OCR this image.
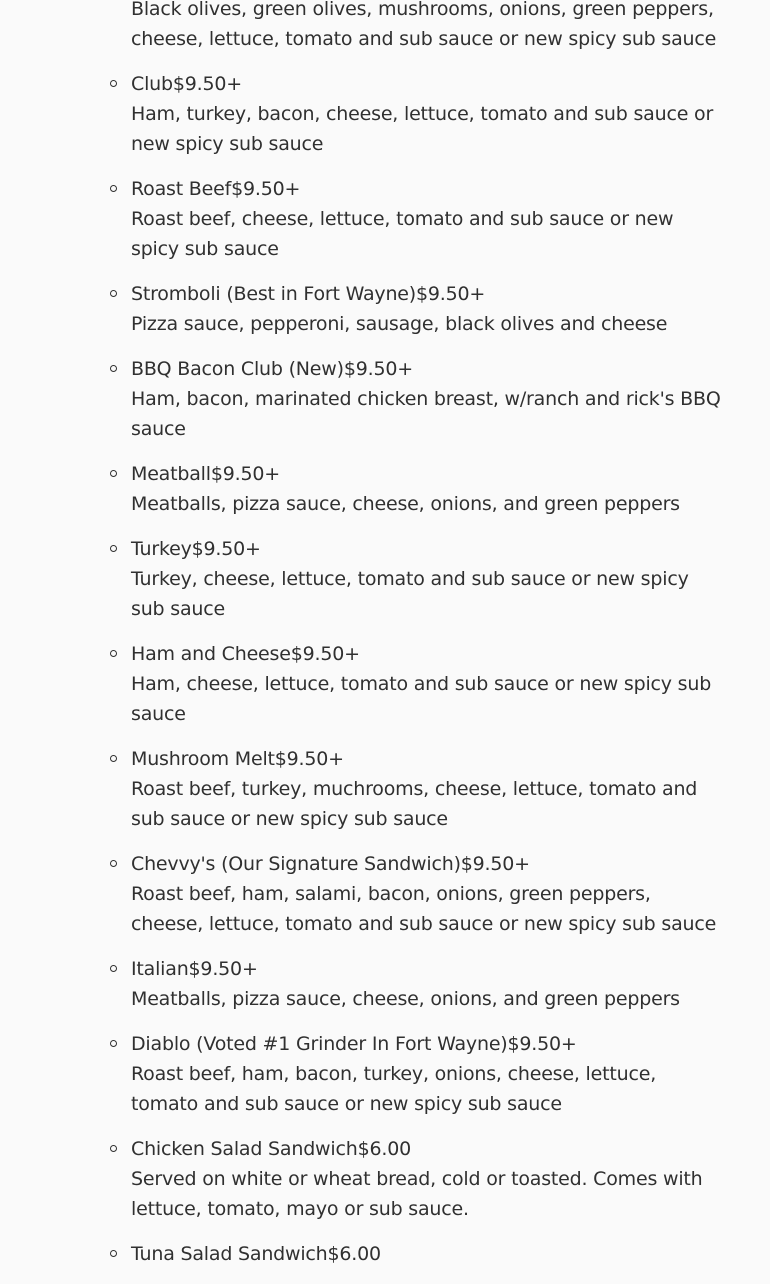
Black olives, green olives, mushrooms, onions, green peppers, cheese, lettuce, tomato and sub sauce or new spicy sub sauce
Club$9.50+
Ham, turkey, bacon, cheese, lettuce, tomato and sub sauce or new spicy sub sauce
Roast Beef$9.50+
Roast beef, cheese, lettuce, tomato and sub sauce or new spicy sub sauce
Stromboli (Best in Fort Wayne)$9.50+
Pizza sauce, pepperoni, sausage, black olives and cheese
BBQ Bacon Club (New)$9.50+
Ham, bacon, marinated chicken breast, w/ranch and rick's BBQ sauce
Meatball$9.50+
Meatballs, pizza sauce, cheese, onions, and green peppers
Turkey$9.50+
Turkey, cheese, lettuce, tomato and sub sauce or new spicy sub sauce
Ham and Cheese$9.50+
Ham, cheese, lettuce, tomato and sub sauce or new spicy sub sauce
Mushroom Melt$9.50+
Roast beef, turkey, muchrooms, cheese, lettuce, tomato and sub sauce or new spicy sub sauce
Chevvy's (Our Signature Sandwich)$9.50+
Roast beef, ham, salami, bacon, onions, green peppers, cheese, lettuce, tomato and sub sauce or new spicy sub sauce
Italian$9.50+
Meatballs, pizza sauce, cheese, onions, and green peppers
Diablo (Voted #1 Grinder In Fort Wayne)$9.50+
Roast beef, ham, bacon, turkey, onions, cheese, lettuce, tomato and sub sauce or new spicy sub sauce
Chicken Salad Sandwich$6.00
Served on white or wheat bread, cold or toasted. Comes with lettuce, tomato, mayo or sub sauce.
Tuna Salad Sandwich$6.00
